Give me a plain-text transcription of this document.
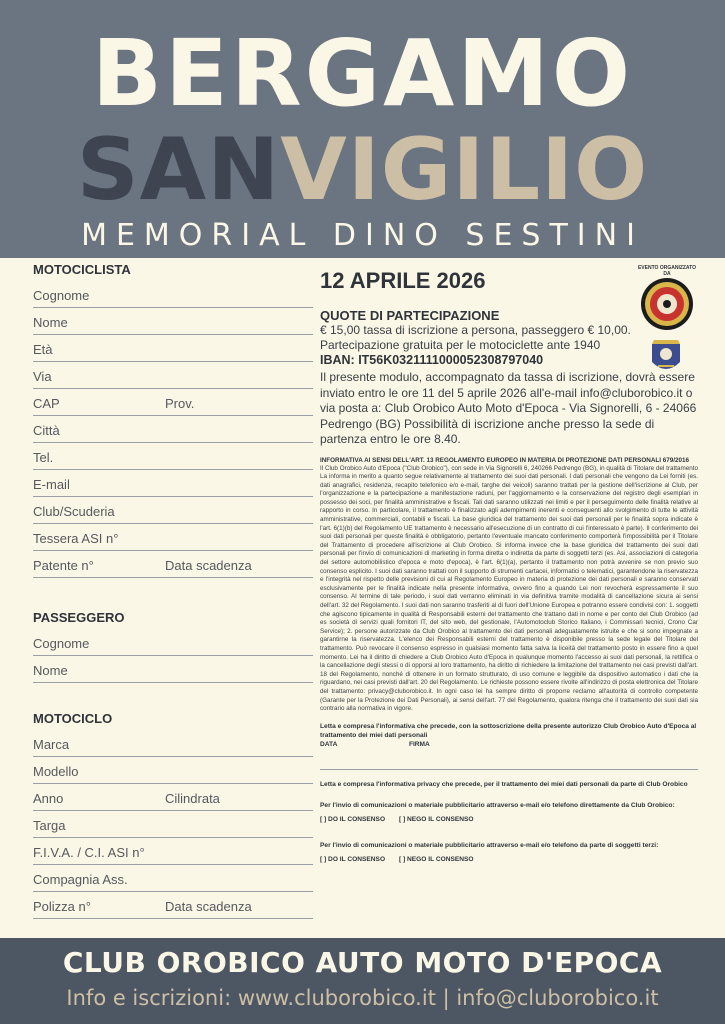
BERGAMO
SANVIGILIO
MEMORIAL DINO SESTINI
MOTOCICLISTA
Cognome
Nome
Età
Via
CAP	Prov.
Città
Tel.
E-mail
Club/Scuderia
Tessera ASI n°
Patente n°	Data scadenza
PASSEGGERO
Cognome
Nome
MOTOCICLO
Marca
Modello
Anno	Cilindrata
Targa
F.I.V.A. / C.I. ASI n°
Compagnia Ass.
Polizza n°	Data scadenza
EVENTO ORGANIZZATO DA
12 APRILE 2026
QUOTE DI PARTECIPAZIONE
€ 15,00 tassa di iscrizione a persona, passeggero € 10,00.
Partecipazione gratuita per le motociclette ante 1940
IBAN: IT56K0321111000052308797040
Il presente modulo, accompagnato da tassa di iscrizione, dovrà essere inviato entro le ore 11 del 5 aprile 2026 all'e-mail info@cluborobico.it o via posta a: Club Orobico Auto Moto d'Epoca - Via Signorelli, 6 - 24066 Pedrengo (BG) Possibilità di iscrizione anche presso la sede di partenza entro le ore 8.40.
INFORMATIVA AI SENSI DELL'ART. 13 REGOLAMENTO EUROPEO IN MATERIA DI PROTEZIONE DATI PERSONALI 679/2016
Il Club Orobico Auto d'Epoca ("Club Orobico"), con sede in Via Signorelli 6, 240266 Pedrengo (BG), in qualità di Titolare del trattamento La informa in merito a quanto segue relativamente al trattamento dei suoi dati personali. I dati personali che vengono da Lei forniti (es. dati anagrafici, residenza, recapito telefonico e/o e-mail, targhe dei veicoli) saranno trattati per la gestione dell'iscrizione al Club, per l'organizzazione e la partecipazione a manifestazione raduni, per l'aggiornamento e la conservazione del registro degli esemplari in possesso dei soci, per finalità amministrative e fiscali. Tali dati saranno utilizzati nei limiti e per il perseguimento delle finalità relative al rapporto in corso. In particolare, il trattamento è finalizzato agli adempimenti inerenti e conseguenti allo svolgimento di tutte le attività amministrative, commerciali, contabili e fiscali. La base giuridica del trattamento dei suoi dati personali per le finalità sopra indicate è l'art. 6(1)(b) del Regolamento UE trattamento è necessario all'esecuzione di un contratto di cui l'interessato è parte). Il conferimento dei suoi dati personali per queste finalità è obbligatorio, pertanto l'eventuale mancato conferimento comporterà l'impossibilità per il Titolare del Trattamento di procedere all'iscrizione al Club Orobico. Si informa invece che la base giuridica del trattamento dei suoi dati personali per l'invio di comunicazioni di marketing in forma diretta o indiretta da parte di soggetti terzi (es. Asi, associazioni di categoria del settore automobilistico d'epoca e moto d'epoca), è l'art. 6(1)(a), pertanto il trattamento non potrà avvenire se non previo suo consenso esplicito. I suoi dati saranno trattati con il supporto di strumenti cartacei, informatici o telematici, garantendone la riservatezza e l'integrità nel rispetto delle previsioni di cui al Regolamento Europeo in materia di protezione dei dati personali e saranno conservati esclusivamente per le finalità indicate nella presente informativa, ovvero fino a quando Lei non revocherà espressamente il suo consenso. Al termine di tale periodo, i suoi dati verranno eliminati in via definitiva tramite modalità di cancellazione sicura ai sensi dell'art. 32 del Regolamento. I suoi dati non saranno trasferiti al di fuori dell'Unione Europea e potranno essere condivisi con: 1. soggetti che agiscono tipicamente in qualità di Responsabili esterni del trattamento che trattano dati in nome e per conto del Club Orobico (ad es società di servizi quali fornitori IT, del sito web, del gestionale, l'Automotoclub Storico Italiano, i Commissari tecnici, Crono Car Service); 2. persone autorizzate da Club Orobico al trattamento dei dati personali adeguatamente istruite e che si sono impegnate a garantirne la riservatezza. L'elenco dei Responsabili esterni del trattamento è disponibile presso la sede legale del Titolare del trattamento. Può revocare il consenso espresso in qualsiasi momento fatta salva la liceità del trattamento posto in essere fino a quel momento. Lei ha il diritto di chiedere a Club Orobico Auto d'Epoca in qualunque momento l'accesso ai suoi dati personali, la rettifica o la cancellazione degli stessi o di opporsi al loro trattamento, ha diritto di richiedere la limitazione del trattamento nei casi previsti dall'art. 18 del Regolamento, nonché di ottenere in un formato strutturato, di uso comune e leggibile da dispositivo automatico i dati che la riguardano, nei casi previsti dall'art. 20 del Regolamento. Le richieste possono essere rivolte all'indirizzo di posta elettronica del Titolare del trattamento: privacy@cluborobico.it. In ogni caso lei ha sempre diritto di proporre reclamo all'autorità di controllo competente (Garante per la Protezione dei Dati Personali), ai sensi dell'art. 77 del Regolamento, qualora ritenga che il trattamento dei suoi dati sia contrario alla normativa in vigore.
Letta e compresa l'informativa che precede, con la sottoscrizione della presente autorizzo Club Orobico Auto d'Epoca al trattamento dei miei dati personali
DATA	FIRMA
Letta e compresa l'informativa privacy che precede, per il trattamento dei miei dati personali da parte di Club Orobico
Per l'invio di comunicazioni o materiale pubblicitario attraverso e-mail e/o telefono direttamente da Club Orobico:
[ ] DO IL CONSENSO [ ] NEGO IL CONSENSO
Per l'invio di comunicazioni o materiale pubblicitario attraverso e-mail e/o telefono da parte di soggetti terzi:
[ ] DO IL CONSENSO [ ] NEGO IL CONSENSO
CLUB OROBICO AUTO MOTO D'EPOCA
Info e iscrizioni: www.cluborobico.it | info@cluborobico.it
